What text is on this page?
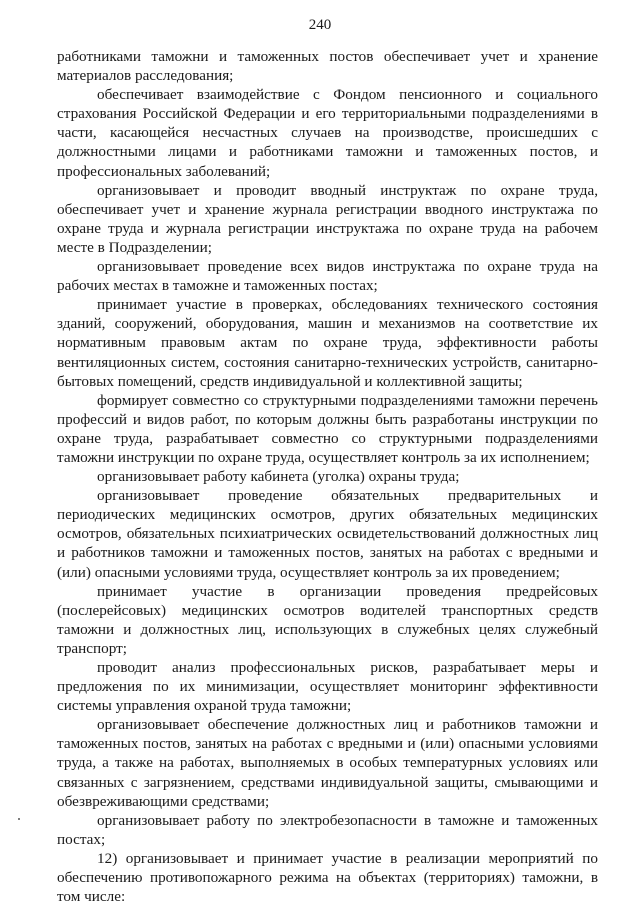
240

работниками таможни и таможенных постов обеспечивает учет и хранение материалов расследования;

обеспечивает взаимодействие с Фондом пенсионного и социального страхования Российской Федерации и его территориальными подразделениями в части, касающейся несчастных случаев на производстве, происшедших с должностными лицами и работниками таможни и таможенных постов, и профессиональных заболеваний;

организовывает и проводит вводный инструктаж по охране труда, обеспечивает учет и хранение журнала регистрации вводного инструктажа по охране труда и журнала регистрации инструктажа по охране труда на рабочем месте в Подразделении;

организовывает проведение всех видов инструктажа по охране труда на рабочих местах в таможне и таможенных постах;

принимает участие в проверках, обследованиях технического состояния зданий, сооружений, оборудования, машин и механизмов на соответствие их нормативным правовым актам по охране труда, эффективности работы вентиляционных систем, состояния санитарно-технических устройств, санитарно-бытовых помещений, средств индивидуальной и коллективной защиты;

формирует совместно со структурными подразделениями таможни перечень профессий и видов работ, по которым должны быть разработаны инструкции по охране труда, разрабатывает совместно со структурными подразделениями таможни инструкции по охране труда, осуществляет контроль за их исполнением;

организовывает работу кабинета (уголка) охраны труда;

организовывает проведение обязательных предварительных и периодических медицинских осмотров, других обязательных медицинских осмотров, обязательных психиатрических освидетельствований должностных лиц и работников таможни и таможенных постов, занятых на работах с вредными и (или) опасными условиями труда, осуществляет контроль за их проведением;

принимает участие в организации проведения предрейсовых (послерейсовых) медицинских осмотров водителей транспортных средств таможни и должностных лиц, использующих в служебных целях служебный транспорт;

проводит анализ профессиональных рисков, разрабатывает меры и предложения по их минимизации, осуществляет мониторинг эффективности системы управления охраной труда таможни;

организовывает обеспечение должностных лиц и работников таможни и таможенных постов, занятых на работах с вредными и (или) опасными условиями труда, а также на работах, выполняемых в особых температурных условиях или связанных с загрязнением, средствами индивидуальной защиты, смывающими и обезвреживающими средствами;

организовывает работу по электробезопасности в таможне и таможенных постах;

12) организовывает и принимает участие в реализации мероприятий по обеспечению противопожарного режима на объектах (территориях) таможни, в том числе:
